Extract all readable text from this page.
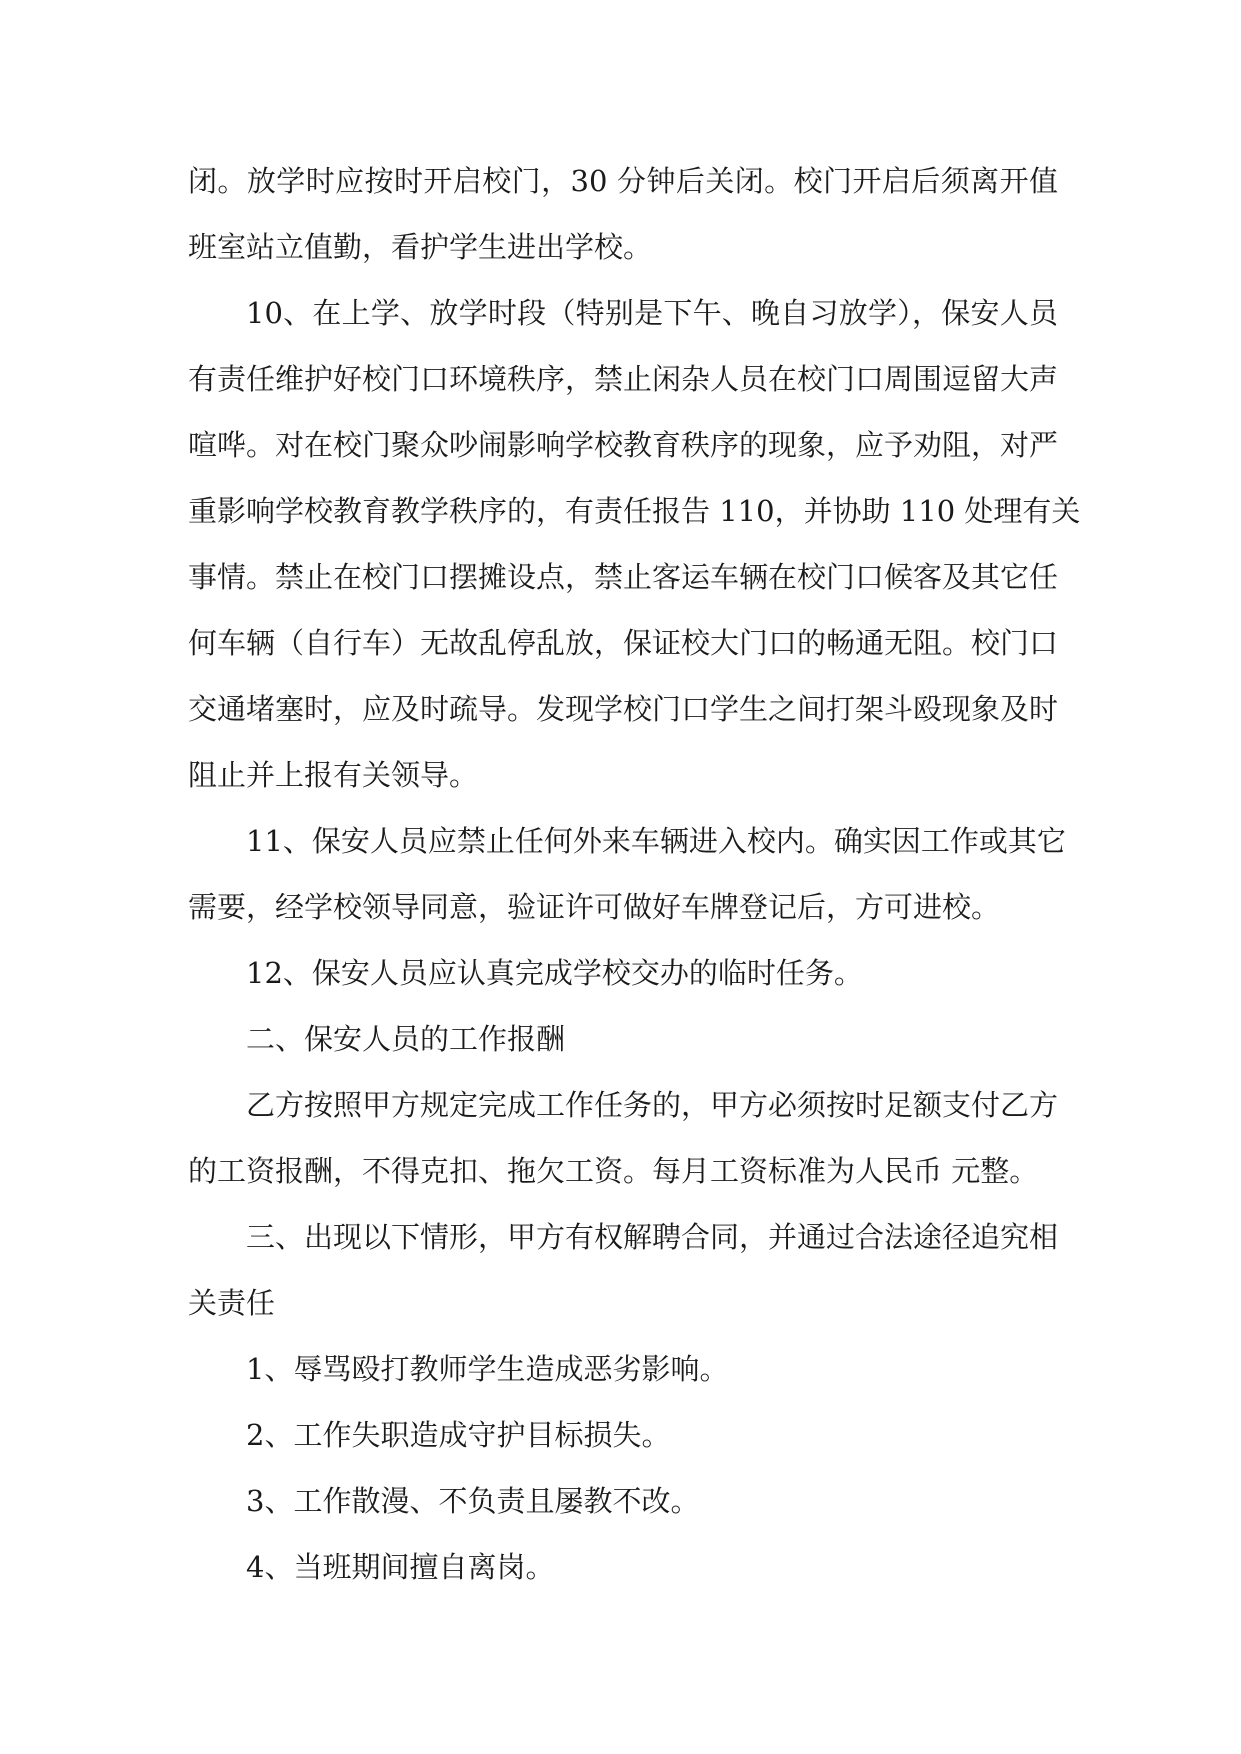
闭。放学时应按时开启校门，30 分钟后关闭。校门开启后须离开值
班室站立值勤，看护学生进出学校。
10、在上学、放学时段（特别是下午、晚自习放学），保安人员
有责任维护好校门口环境秩序，禁止闲杂人员在校门口周围逗留大声
喧哗。对在校门聚众吵闹影响学校教育秩序的现象，应予劝阻，对严
重影响学校教育教学秩序的，有责任报告 110，并协助 110 处理有关
事情。禁止在校门口摆摊设点，禁止客运车辆在校门口候客及其它任
何车辆（自行车）无故乱停乱放，保证校大门口的畅通无阻。校门口
交通堵塞时，应及时疏导。发现学校门口学生之间打架斗殴现象及时
阻止并上报有关领导。
11、保安人员应禁止任何外来车辆进入校内。确实因工作或其它
需要，经学校领导同意，验证许可做好车牌登记后，方可进校。
12、保安人员应认真完成学校交办的临时任务。
二、保安人员的工作报酬
乙方按照甲方规定完成工作任务的，甲方必须按时足额支付乙方
的工资报酬，不得克扣、拖欠工资。每月工资标准为人民币 元整。
三、出现以下情形，甲方有权解聘合同，并通过合法途径追究相
关责任
1、辱骂殴打教师学生造成恶劣影响。
2、工作失职造成守护目标损失。
3、工作散漫、不负责且屡教不改。
4、当班期间擅自离岗。
